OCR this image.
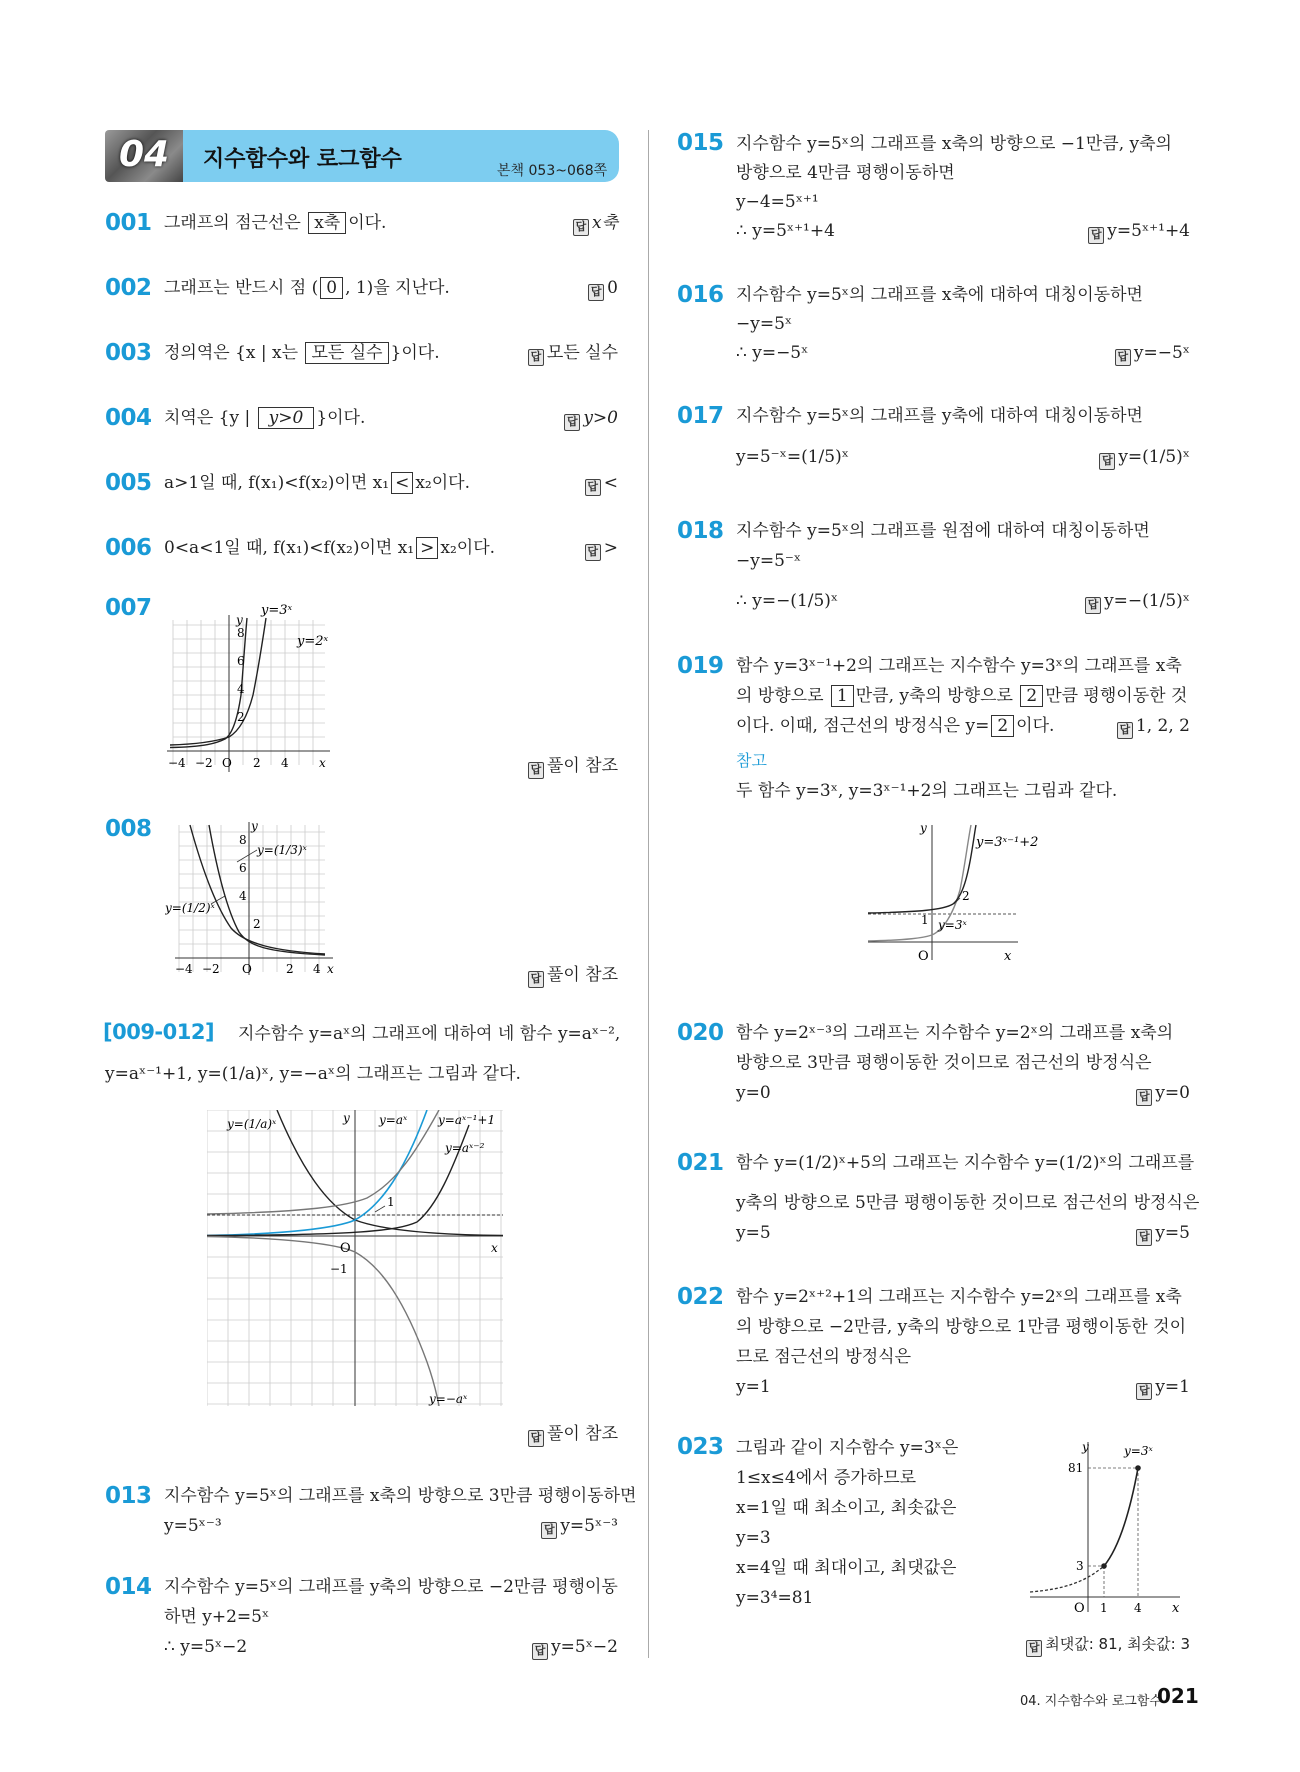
04 지수함수와 로그함수	본책 053~068쪽
001 그래프의 점근선은 x축 이다.	답 x축
002 그래프는 반드시 점 ( 0 , 1)을 지난다.	답 0
003 정의역은 {x | x는 모든 실수 }이다.	답 모든 실수
004 치역은 {y | y>0 }이다.	답 y>0
005 a>1일 때, f(x₁)<f(x₂)이면 x₁ < x₂이다.	답 <
006 0<a<1일 때, f(x₁)<f(x₂)이면 x₁ > x₂이다.	답 >
007	y=3ˣ
y=2ˣ
y
8
6
4
2
−4 −2 O 2 4	x	답 풀이 참조
008
y=(1/3)ˣ
y=(1/2)ˣ
y
8
6
4
2
−4 −2 O	2 4 x
답 풀이 참조
[009-012] 지수함수 y=aˣ의 그래프에 대하여 네 함수 y=aˣ⁻²,
y=aˣ⁻¹+1, y=(1/a)ˣ, y=−aˣ의 그래프는 그림과 같다.
y=(1/a)ˣ	y y=aˣ	y=aˣ⁻¹+1
y=aˣ⁻²
1
O	x
−1
y=−aˣ
답 풀이 참조
013 지수함수 y=5ˣ의 그래프를 x축의 방향으로 3만큼 평행이동하면
y=5ˣ⁻³	답 y=5ˣ⁻³
014 지수함수 y=5ˣ의 그래프를 y축의 방향으로 −2만큼 평행이동
하면 y+2=5ˣ
∴ y=5ˣ−2	답 y=5ˣ−2
015 지수함수 y=5ˣ의 그래프를 x축의 방향으로 −1만큼, y축의
방향으로 4만큼 평행이동하면
y−4=5ˣ⁺¹
∴ y=5ˣ⁺¹+4	답 y=5ˣ⁺¹+4
016 지수함수 y=5ˣ의 그래프를 x축에 대하여 대칭이동하면
−y=5ˣ
∴ y=−5ˣ	답 y=−5ˣ
017 지수함수 y=5ˣ의 그래프를 y축에 대하여 대칭이동하면
y=5⁻ˣ=(1/5)ˣ	답 y=(1/5)ˣ
018 지수함수 y=5ˣ의 그래프를 원점에 대하여 대칭이동하면
−y=5⁻ˣ
∴ y=−(1/5)ˣ	답 y=−(1/5)ˣ
019 함수 y=3ˣ⁻¹+2의 그래프는 지수함수 y=3ˣ의 그래프를 x축
의 방향으로 1 만큼, y축의 방향으로 2 만큼 평행이동한 것
이다. 이때, 점근선의 방정식은 y= 2 이다.	답 1, 2, 2
참고
두 함수 y=3ˣ, y=3ˣ⁻¹+2의 그래프는 그림과 같다.
y
y=3ˣ⁻¹+2
2
1 y=3ˣ
O	x
020 함수 y=2ˣ⁻³의 그래프는 지수함수 y=2ˣ의 그래프를 x축의
방향으로 3만큼 평행이동한 것이므로 점근선의 방정식은
y=0	답 y=0
021 함수 y=(1/2)ˣ+5의 그래프는 지수함수 y=(1/2)ˣ의 그래프를
y축의 방향으로 5만큼 평행이동한 것이므로 점근선의 방정식은
y=5	답 y=5
022 함수 y=2ˣ⁺²+1의 그래프는 지수함수 y=2ˣ의 그래프를 x축
의 방향으로 −2만큼, y축의 방향으로 1만큼 평행이동한 것이
므로 점근선의 방정식은
y=1	답 y=1
023 그림과 같이 지수함수 y=3ˣ은
1≤x≤4에서 증가하므로
x=1일 때 최소이고, 최솟값은
y=3
x=4일 때 최대이고, 최댓값은
y=3⁴=81
y	y=3ˣ
81
3
O 1 4 x
답 최댓값: 81, 최솟값: 3
04. 지수함수와 로그함수
021
